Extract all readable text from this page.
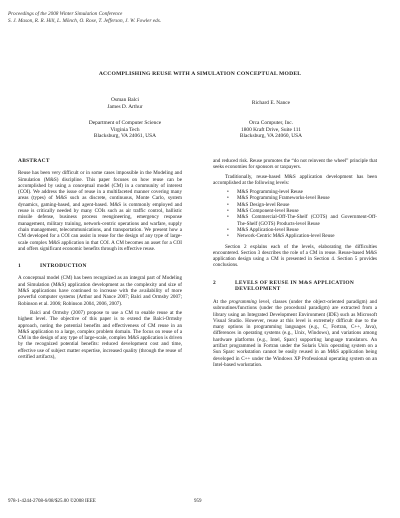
Proceedings of the 2008 Winter Simulation Conference
S. J. Mason, R. R. Hill, L. Mönch, O. Rose, T. Jefferson, J. W. Fowler eds.
ACCOMPLISHING REUSE WITH A SIMULATION CONCEPTUAL MODEL
Osman Balci
James D. Arthur
Richard E. Nance
Department of Computer Science
Virginia Tech
Blacksburg, VA 24061, USA
Orca Computer, Inc.
1800 Kraft Drive, Suite 111
Blacksburg, VA 24060, USA
ABSTRACT

Reuse has been very difficult or in some cases impossible in the Modeling and Simulation (M&S) discipline. This paper focuses on how reuse can be accomplished by using a conceptual model (CM) in a community of interest (COI). We address the issue of reuse in a multifaceted manner covering many areas (types) of M&S such as discrete, continuous, Monte Carlo, system dynamics, gaming-based, and agent-based. M&S is commonly employed and reuse is critically needed by many COIs such as air traffic control, ballistic missile defense, business process reengineering, emergency response management, military training, network-centric operations and warfare, supply chain management, telecommunications, and transportation. We present how a CM developed for a COI can assist in reuse for the design of any type of large-scale complex M&S application in that COI. A CM becomes an asset for a COI and offers significant economic benefits through its effective reuse.

1	INTRODUCTION

A conceptual model (CM) has been recognized as an integral part of Modeling and Simulation (M&S) application development as the complexity and size of M&S applications have continued to increase with the availability of more powerful computer systems (Arthur and Nance 2007; Balci and Ormsby 2007; Robinson et al. 2006; Robinson 2004, 2006, 2007).

Balci and Ormsby (2007) propose to use a CM to enable reuse at the highest level. The objective of this paper is to extend the Balci-Ormsby approach, noting the potential benefits and effectiveness of CM reuse in an M&S application to a large, complex problem domain. The focus on reuse of a CM in the design of any type of large-scale, complex M&S application is driven by the recognized potential benefits: reduced development cost and time, effective use of subject matter expertise, increased quality (through the reuse of certified artifacts),

and reduced risk. Reuse promotes the “do not reinvent the wheel” principle that seeks economies for sponsors or taxpayers.

Traditionally, reuse-based M&S application development has been accomplished at the following levels:

• M&S Programming-level Reuse
• M&S Programming Frameworks-level Reuse
• M&S Design-level Reuse
• M&S Component-level Reuse
• M&S Commercial-Off-The-Shelf (COTS) and Government-Off-The-Shelf (GOTS) Products-level Reuse
• M&S Application-level Reuse
• Network-Centric M&S Application-level Reuse

Section 2 explains each of the levels, elaborating the difficulties encountered. Section 3 describes the role of a CM in reuse. Reuse-based M&S application design using a CM is presented in Section 4. Section 5 provides conclusions.

2	LEVELS OF REUSE IN M&S APPLICATION
DEVELOPMENT

At the programming level, classes (under the object-oriented paradigm) and subroutines/functions (under the procedural paradigm) are extracted from a library using an Integrated Development Environment (IDE) such as Microsoft Visual Studio. However, reuse at this level is extremely difficult due to the many options in programming languages (e.g., C, Fortran, C++, Java), differences in operating systems (e.g., Unix, Windows), and variations among hardware platforms (e.g., Intel, Sparc) supporting language translators. An artifact programmed in Fortran under the Solaris Unix operating system on a Sun Sparc workstation cannot be easily reused in an M&S application being developed in C++ under the Windows XP Professional operating system on an Intel-based workstation.

978-1-4244-2708-6/08/$25.00 ©2008 IEEE	959
